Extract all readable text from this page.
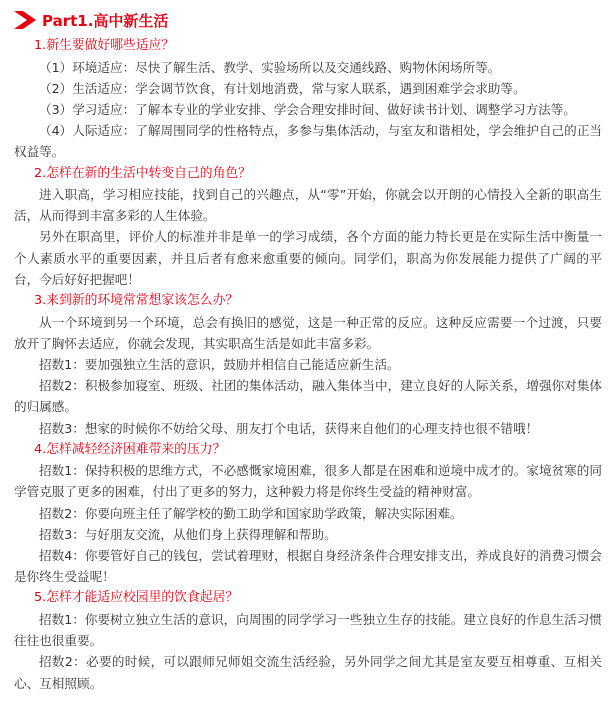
Part1.高中新生活
1.新生要做好哪些适应？

（1）环境适应：尽快了解生活、教学、实验场所以及交通线路、购物休闲场所等。

（2）生活适应：学会调节饮食，有计划地消费，常与家人联系，遇到困难学会求助等。

（3）学习适应：了解本专业的学业安排、学会合理安排时间、做好读书计划、调整学习方法等。

（4）人际适应：了解周围同学的性格特点，多参与集体活动，与室友和谐相处，学会维护自己的正当权益等。

2.怎样在新的生活中转变自己的角色？

进入职高，学习相应技能，找到自己的兴趣点，从“零”开始，你就会以开朗的心情投入全新的职高生活，从而得到丰富多彩的人生体验。

另外在职高里，评价人的标准并非是单一的学习成绩，各个方面的能力特长更是在实际生活中衡量一个人素质水平的重要因素，并且后者有愈来愈重要的倾向。同学们，职高为你发展能力提供了广阔的平台，今后好好把握吧！

3.来到新的环境常常想家该怎么办？

从一个环境到另一个环境，总会有换旧的感觉，这是一种正常的反应。这种反应需要一个过渡，只要放开了胸怀去适应，你就会发现，其实职高生活是如此丰富多彩。

招数1：要加强独立生活的意识，鼓励并相信自己能适应新生活。

招数2：积极参加寝室、班级、社团的集体活动，融入集体当中，建立良好的人际关系，增强你对集体的归属感。

招数3：想家的时候你不妨给父母、朋友打个电话，获得来自他们的心理支持也很不错哦！

4.怎样减轻经济困难带来的压力？

招数1：保持积极的思维方式，不必感慨家境困难，很多人都是在困难和逆境中成才的。家境贫寒的同学管克服了更多的困难，付出了更多的努力，这种毅力将是你终生受益的精神财富。

招数2：你要向班主任了解学校的勤工助学和国家助学政策，解决实际困难。

招数3：与好朋友交流，从他们身上获得理解和帮助。

招数4：你要管好自己的钱包，尝试着理财，根据自身经济条件合理安排支出，养成良好的消费习惯会是你终生受益呢！

5.怎样才能适应校园里的饮食起居？

招数1：你要树立独立生活的意识，向周围的同学学习一些独立生存的技能。建立良好的作息生活习惯往往也很重要。

招数2：必要的时候，可以跟师兄师姐交流生活经验，另外同学之间尤其是室友要互相尊重、互相关心、互相照顾。
